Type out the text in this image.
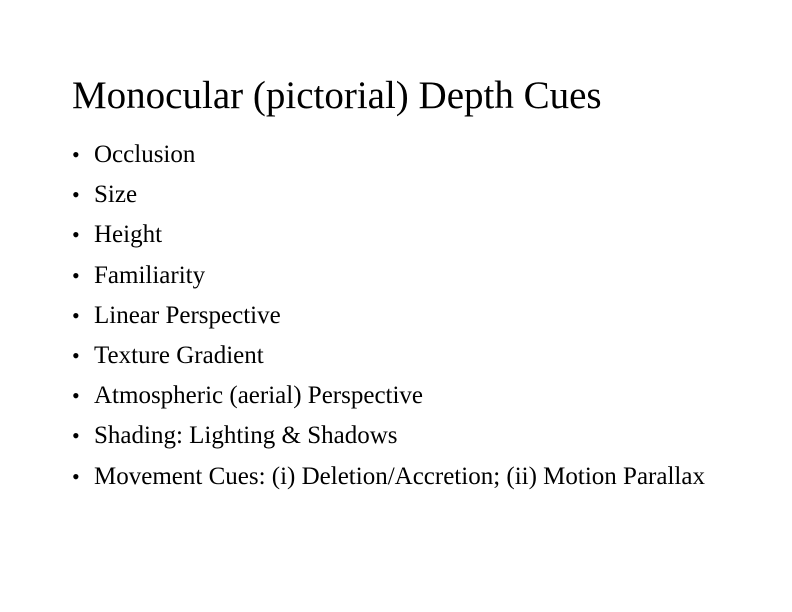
Monocular (pictorial) Depth Cues
• Occlusion
• Size
• Height
• Familiarity
• Linear Perspective
• Texture Gradient
• Atmospheric (aerial) Perspective
• Shading: Lighting & Shadows
• Movement Cues: (i) Deletion/Accretion; (ii) Motion Parallax
